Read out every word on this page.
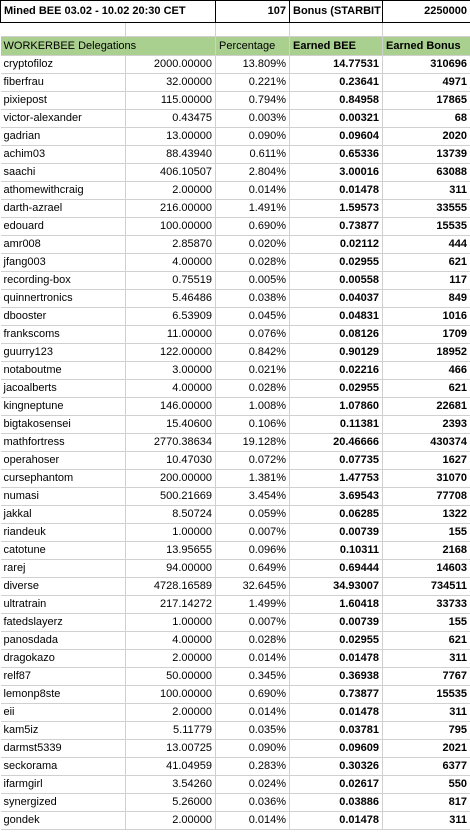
Mined BEE 03.02 - 10.02 20:30 CET		107	Bonus (STARBIT	2250000

WORKERBEE Delegations		Percentage	Earned BEE	Earned Bonus
cryptofiloz	2000.00000	13.809%	14.77531	310696
fiberfrau	32.00000	0.221%	0.23641	4971
pixiepost	115.00000	0.794%	0.84958	17865
victor-alexander	0.43475	0.003%	0.00321	68
gadrian	13.00000	0.090%	0.09604	2020
achim03	88.43940	0.611%	0.65336	13739
saachi	406.10507	2.804%	3.00016	63088
athomewithcraig	2.00000	0.014%	0.01478	311
darth-azrael	216.00000	1.491%	1.59573	33555
edouard	100.00000	0.690%	0.73877	15535
amr008	2.85870	0.020%	0.02112	444
jfang003	4.00000	0.028%	0.02955	621
recording-box	0.75519	0.005%	0.00558	117
quinnertronics	5.46486	0.038%	0.04037	849
dbooster	6.53909	0.045%	0.04831	1016
frankscoms	11.00000	0.076%	0.08126	1709
guurry123	122.00000	0.842%	0.90129	18952
notaboutme	3.00000	0.021%	0.02216	466
jacoalberts	4.00000	0.028%	0.02955	621
kingneptune	146.00000	1.008%	1.07860	22681
bigtakosensei	15.40600	0.106%	0.11381	2393
mathfortress	2770.38634	19.128%	20.46666	430374
operahoser	10.47030	0.072%	0.07735	1627
cursephantom	200.00000	1.381%	1.47753	31070
numasi	500.21669	3.454%	3.69543	77708
jakkal	8.50724	0.059%	0.06285	1322
riandeuk	1.00000	0.007%	0.00739	155
catotune	13.95655	0.096%	0.10311	2168
rarej	94.00000	0.649%	0.69444	14603
diverse	4728.16589	32.645%	34.93007	734511
ultratrain	217.14272	1.499%	1.60418	33733
fatedslayerz	1.00000	0.007%	0.00739	155
panosdada	4.00000	0.028%	0.02955	621
dragokazo	2.00000	0.014%	0.01478	311
relf87	50.00000	0.345%	0.36938	7767
lemonp8ste	100.00000	0.690%	0.73877	15535
eii	2.00000	0.014%	0.01478	311
kam5iz	5.11779	0.035%	0.03781	795
darmst5339	13.00725	0.090%	0.09609	2021
seckorama	41.04959	0.283%	0.30326	6377
ifarmgirl	3.54260	0.024%	0.02617	550
synergized	5.26000	0.036%	0.03886	817
gondek	2.00000	0.014%	0.01478	311
